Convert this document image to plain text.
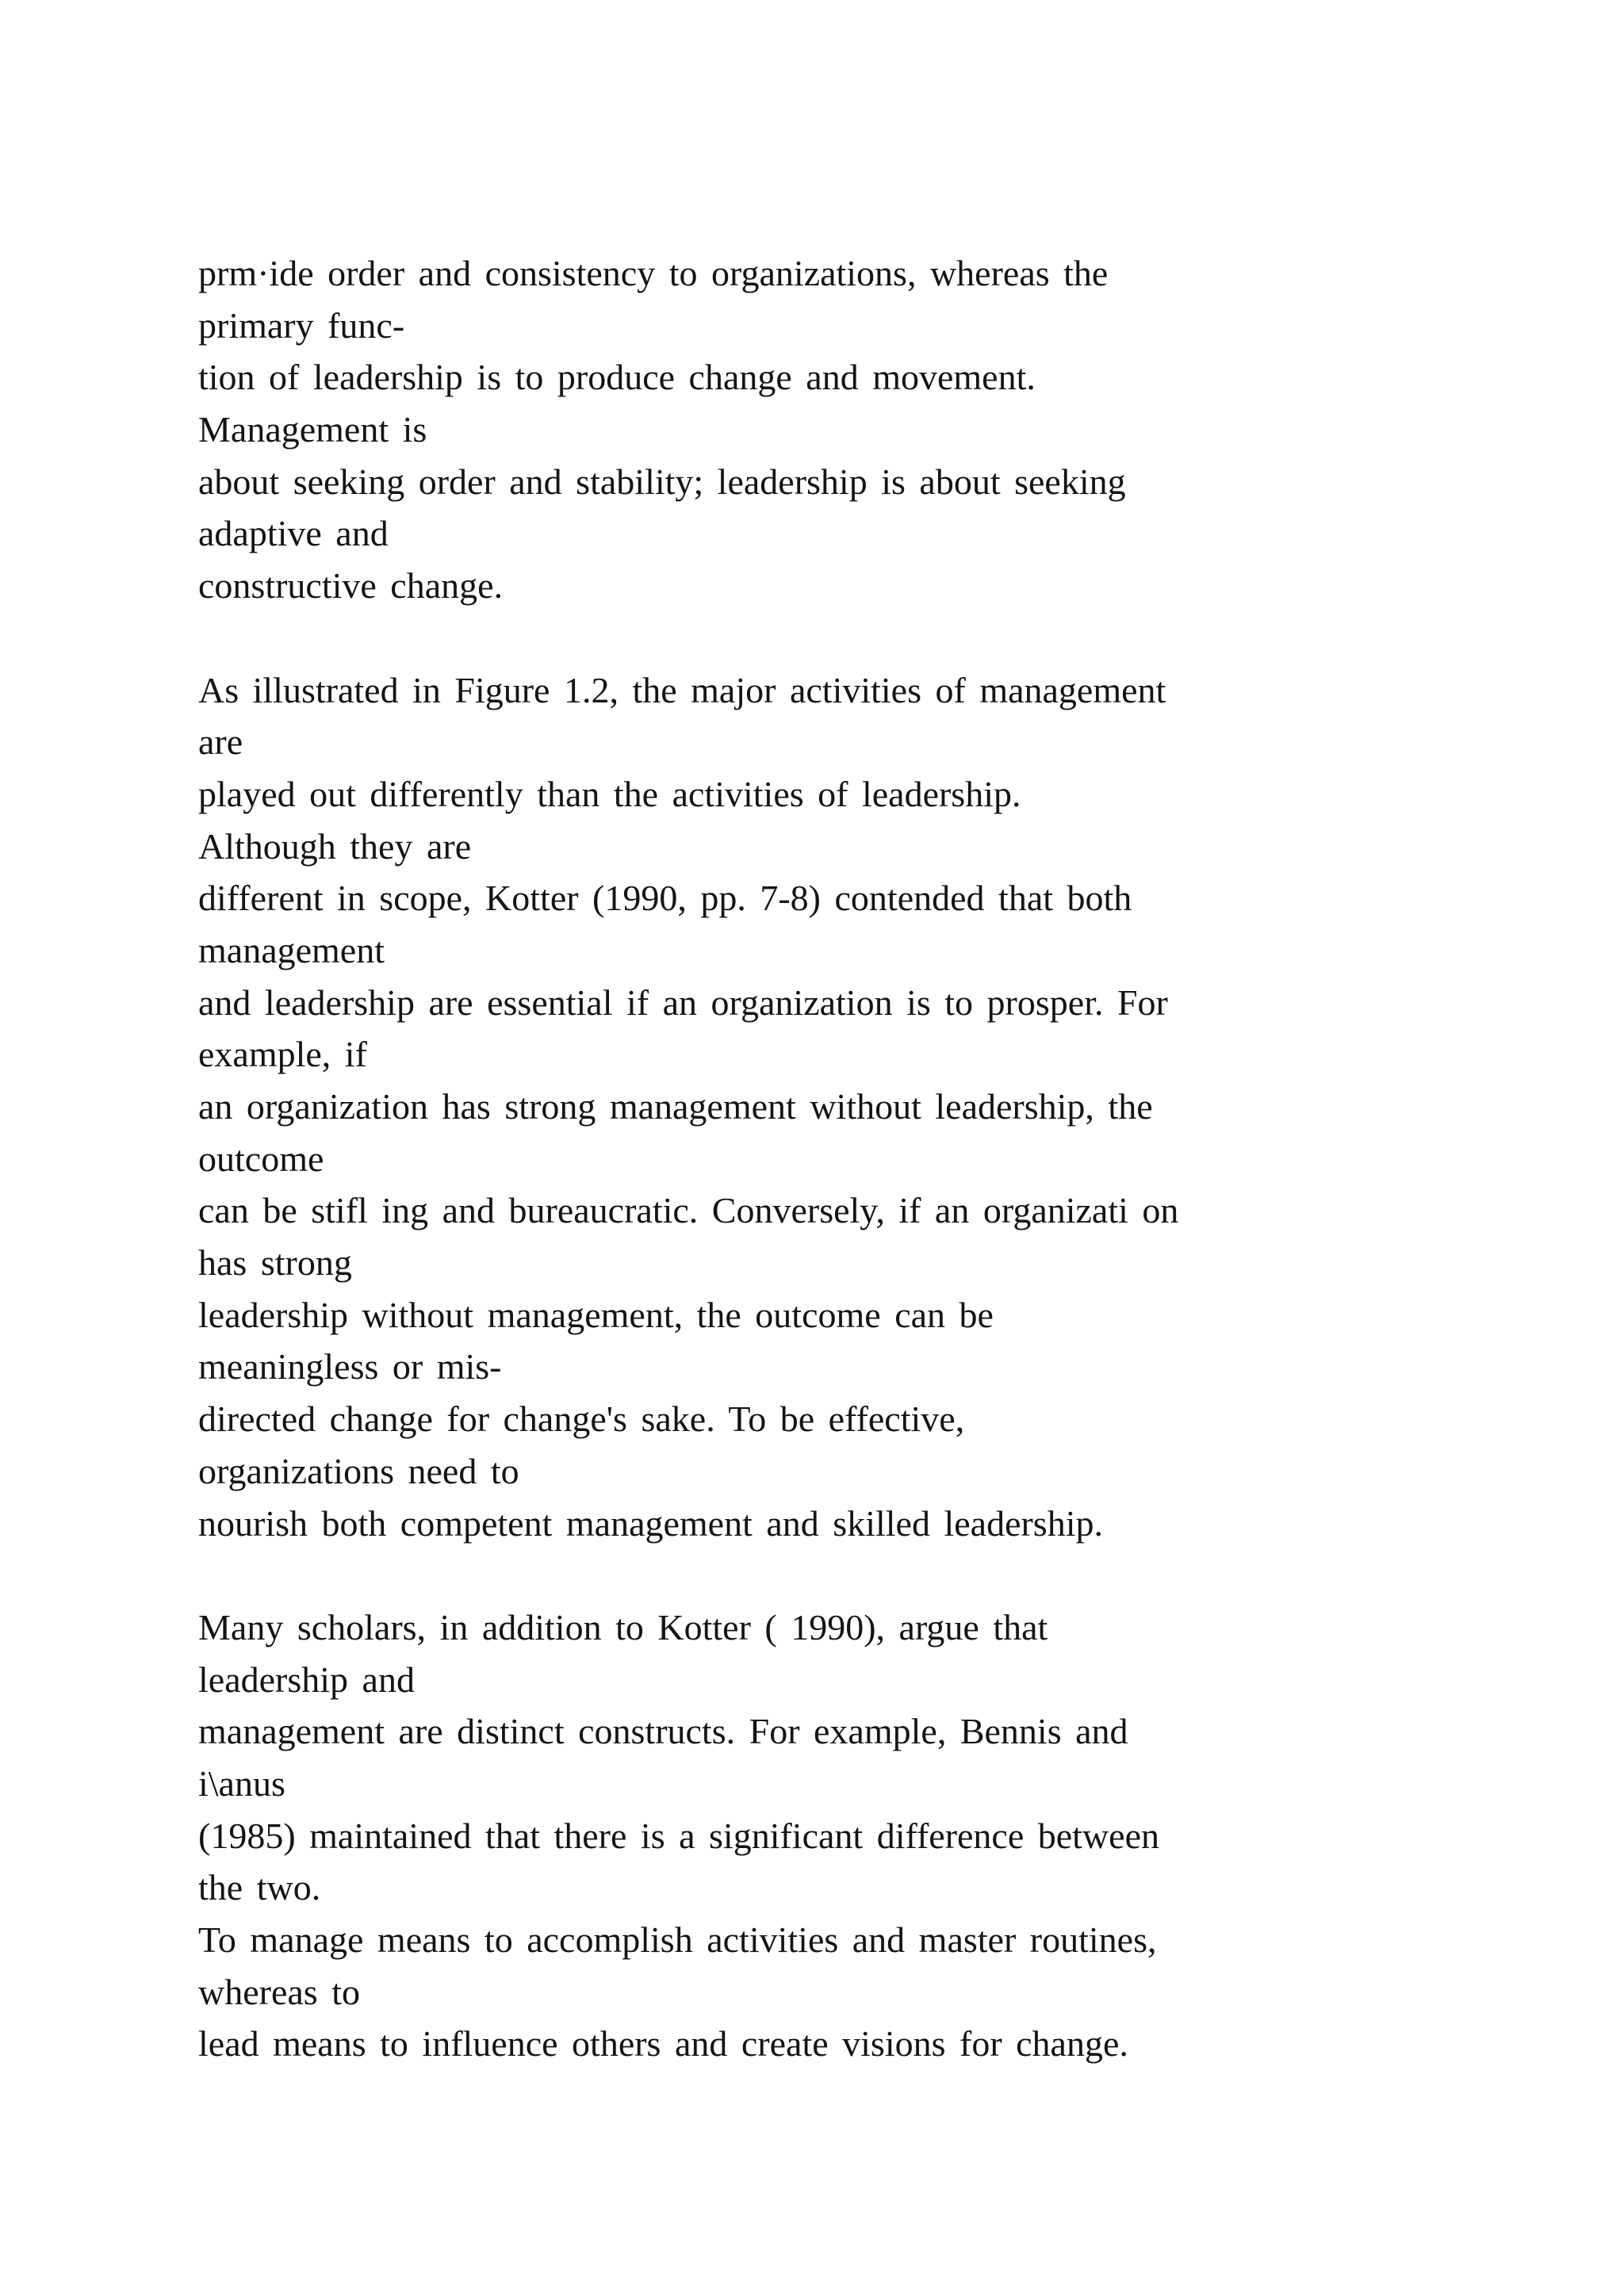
prm·ide order and consistency to organizations, whereas the
primary func-
tion of leadership is to produce change and movement.
Management is
about seeking order and stability; leadership is about seeking
adaptive and
constructive change.
As illustrated in Figure 1.2, the major activities of management
are
played out differently than the activities of leadership.
Although they are
different in scope, Kotter (1990, pp. 7-8) contended that both
management
and leadership are essential if an organization is to prosper. For
example, if
an organization has strong management without leadership, the
outcome
can be stifl ing and bureaucratic. Conversely, if an organizati on
has strong
leadership without management, the outcome can be
meaningless or mis-
directed change for change's sake. To be effective,
organizations need to
nourish both competent management and skilled leadership.
Many scholars, in addition to Kotter ( 1990), argue that
leadership and
management are distinct constructs. For example, Bennis and
i\anus
(1985) maintained that there is a significant difference between
the two.
To manage means to accomplish activities and master routines,
whereas to
lead means to influence others and create visions for change.
